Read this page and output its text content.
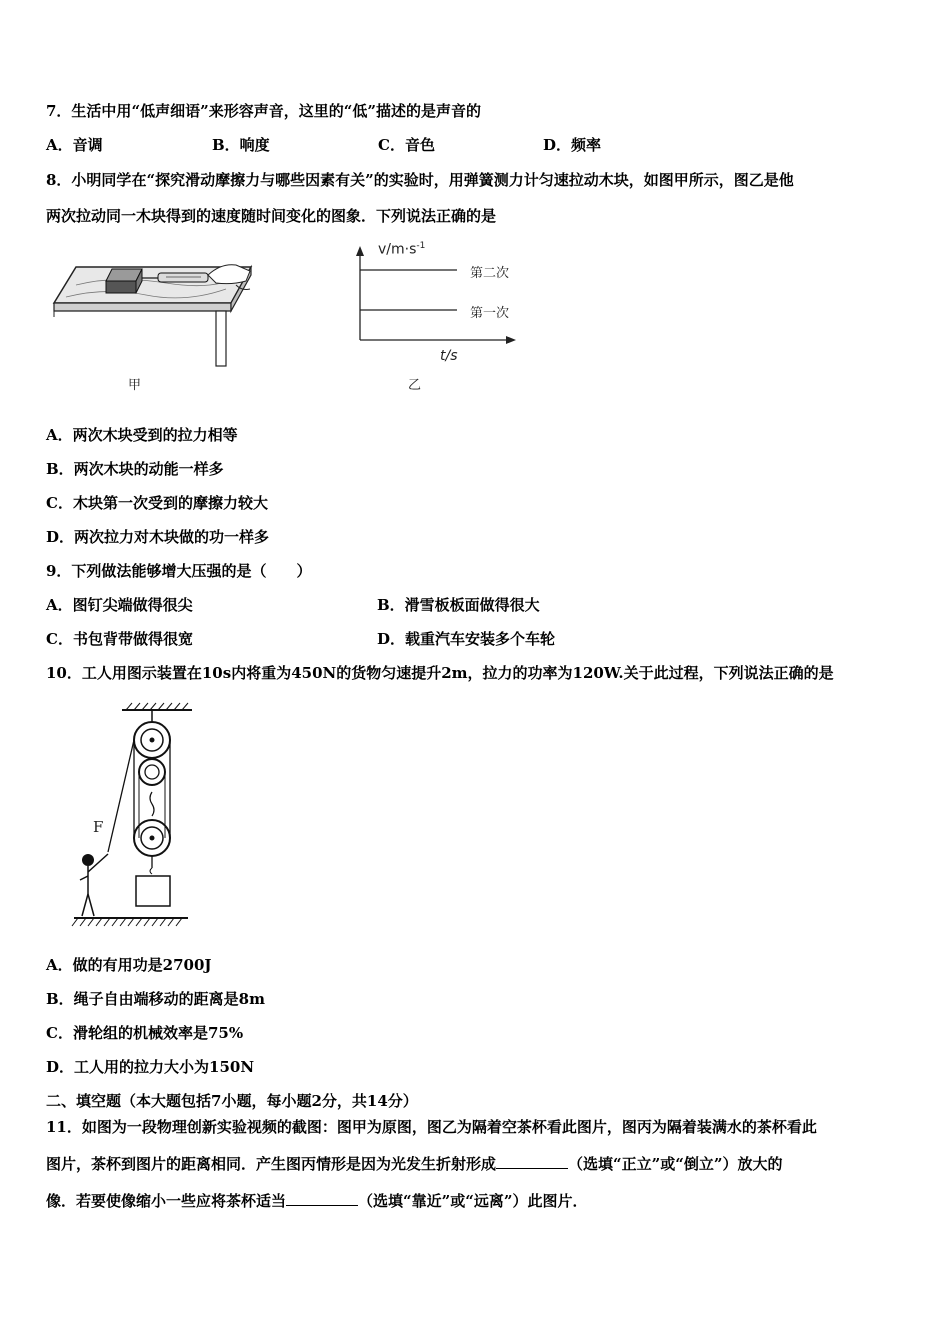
7．生活中用“低声细语”来形容声音，这里的“低”描述的是声音的
A．音调	B．响度	C．音色	D．频率
8．小明同学在“探究滑动摩擦力与哪些因素有关”的实验时，用弹簧测力计匀速拉动木块，如图甲所示，图乙是他
两次拉动同一木块得到的速度随时间变化的图象．下列说法正确的是
甲
$v/m\cdot s^{-1}$
第二次
第一次
t/s
乙
A．两次木块受到的拉力相等
B．两次木块的动能一样多
C．木块第一次受到的摩擦力较大
D．两次拉力对木块做的功一样多
9．下列做法能够增大压强的是（　　）
A．图钉尖端做得很尖	B．滑雪板板面做得很大
C．书包背带做得很宽	D．载重汽车安装多个车轮
10．工人用图示装置在10s内将重为450N的货物匀速提升2m，拉力的功率为120W.关于此过程，下列说法正确的是
F
A．做的有用功是2700J
B．绳子自由端移动的距离是8m
C．滑轮组的机械效率是75%
D．工人用的拉力大小为150N
二、填空题（本大题包括7小题，每小题2分，共14分）
11．如图为一段物理创新实验视频的截图：图甲为原图，图乙为隔着空茶杯看此图片，图丙为隔着装满水的茶杯看此
图片，茶杯到图片的距离相同．产生图丙情形是因为光发生折射形成	（选填“正立”或“倒立”）放大的
像．若要使像缩小一些应将茶杯适当	（选填“靠近”或“远离”）此图片．
